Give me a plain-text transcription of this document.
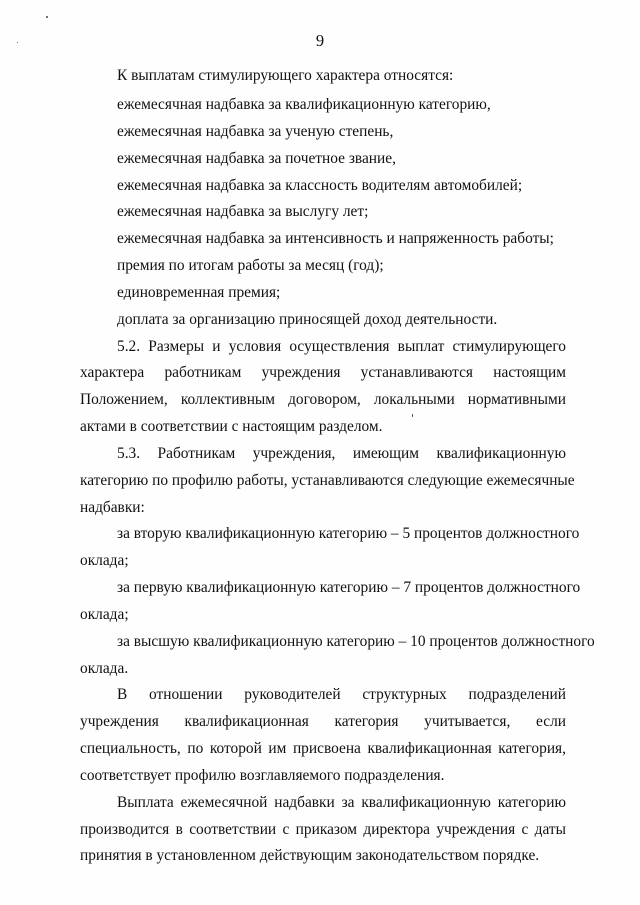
9
К выплатам стимулирующего характера относятся:
ежемесячная надбавка за квалификационную категорию,
ежемесячная надбавка за ученую степень,
ежемесячная надбавка за почетное звание,
ежемесячная надбавка за классность водителям автомобилей;
ежемесячная надбавка за выслугу лет;
ежемесячная надбавка за интенсивность и напряженность работы;
премия по итогам работы за месяц (год);
единовременная премия;
доплата за организацию приносящей доход деятельности.
5.2. Размеры и условия осуществления выплат стимулирующего
характера работникам учреждения устанавливаются настоящим
Положением, коллективным договором, локальными нормативными
актами в соответствии с настоящим разделом.
5.3. Работникам учреждения, имеющим квалификационную
категорию по профилю работы, устанавливаются следующие ежемесячные
надбавки:
за вторую квалификационную категорию – 5 процентов должностного
оклада;
за первую квалификационную категорию – 7 процентов должностного
оклада;
за высшую квалификационную категорию – 10 процентов должностного
оклада.
В отношении руководителей структурных подразделений
учреждения квалификационная категория учитывается, если
специальность, по которой им присвоена квалификационная категория,
соответствует профилю возглавляемого подразделения.
Выплата ежемесячной надбавки за квалификационную категорию
производится в соответствии с приказом директора учреждения с даты
принятия в установленном действующим законодательством порядке.
